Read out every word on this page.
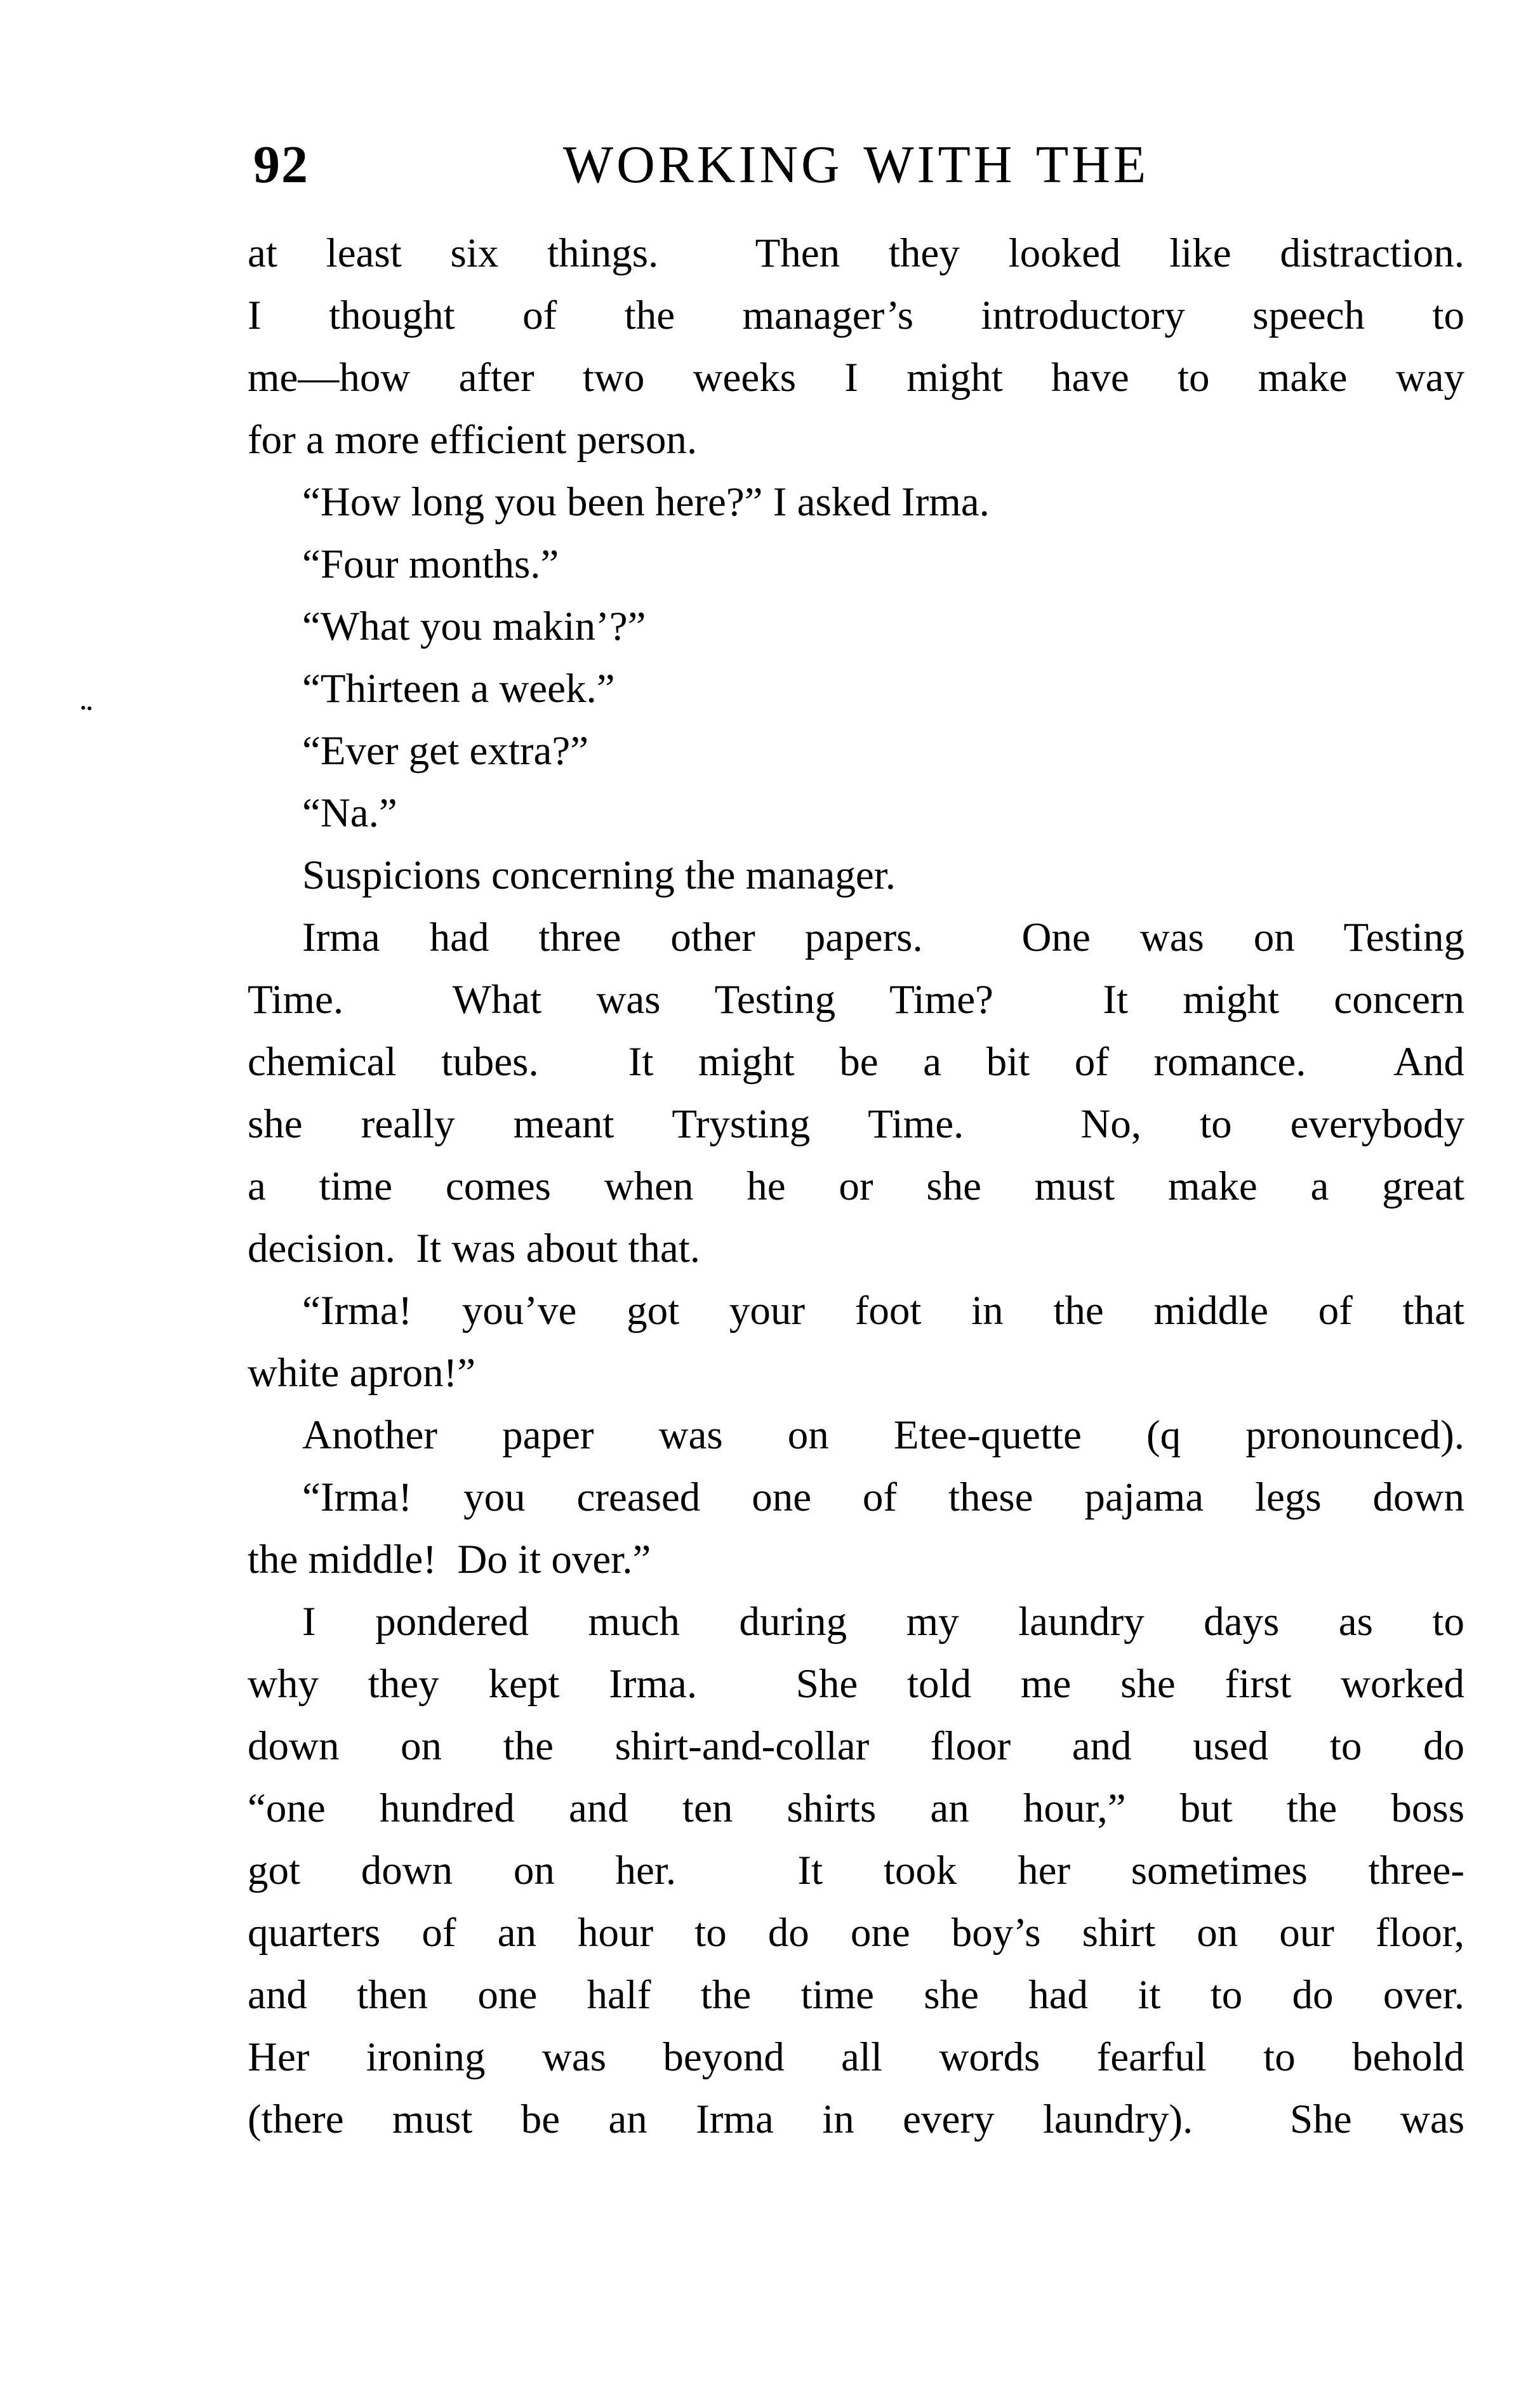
92	WORKING WITH THE
at least six things.  Then they looked like distraction.
I thought of the manager’s introductory speech to
me—how after two weeks I might have to make way
for a more efficient person.
“How long you been here?” I asked Irma.
“Four months.”
“What you makin’?”
“Thirteen a week.”
“Ever get extra?”
“Na.”
Suspicions concerning the manager.
Irma had three other papers.  One was on Testing
Time.  What was Testing Time?  It might concern
chemical tubes.  It might be a bit of romance.  And
she really meant Trysting Time.  No, to everybody
a time comes when he or she must make a great
decision.  It was about that.
“Irma! you’ve got your foot in the middle of that
white apron!”
Another paper was on Etee-quette (q pronounced).
“Irma! you creased one of these pajama legs down
the middle!  Do it over.”
I pondered much during my laundry days as to
why they kept Irma.  She told me she first worked
down on the shirt-and-collar floor and used to do
“one hundred and ten shirts an hour,” but the boss
got down on her.  It took her sometimes three-
quarters of an hour to do one boy’s shirt on our floor,
and then one half the time she had it to do over.
Her ironing was beyond all words fearful to behold
(there must be an Irma in every laundry).  She was
